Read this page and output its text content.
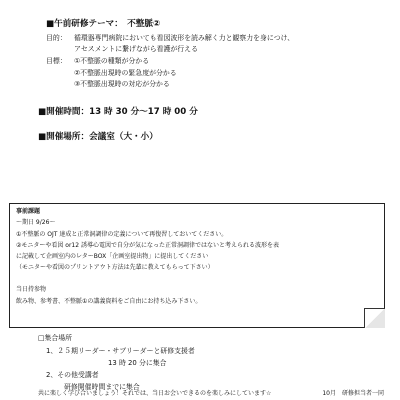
■午前研修テーマ：　不整脈②
目的： 循環器専門病院においても看図波形を読み解く力と観察力を身につけ、
アセスメントに繋げながら看護が行える
目標： ①不整脈の種類が分かる
②不整脈出現時の緊急度が分かる
③不整脈出現時の対応が分かる
■開催時間：13 時 30 分～17 時 00 分
■開催場所：会議室（大・小）
事前課題
～期日 9/26～
①不整脈の OJT 達成と正常洞調律の定義について再復習しておいてください。
②モニターや看図 or12 誘導心電図で自分が気になった正常洞調律ではないと考えられる波形を表
に記載して企画室内のレターBOX「企画室提出物」に提出してください
（モニターや看図のプリントアウト方法は先輩に教えてもらって下さい）
当日持参物
飲み物、参考書、不整脈①の講義資料をご自由にお持ち込み下さい。
□集合場所
1、２５期リーダー・サブリーダーと研修支援者
13 時 20 分に集合
2、その他受講者
研修開催時間までに集合
共に楽しく学び合いましょう！それでは、当日お会いできるのを楽しみにしています☆	10月　研修担当者一同
